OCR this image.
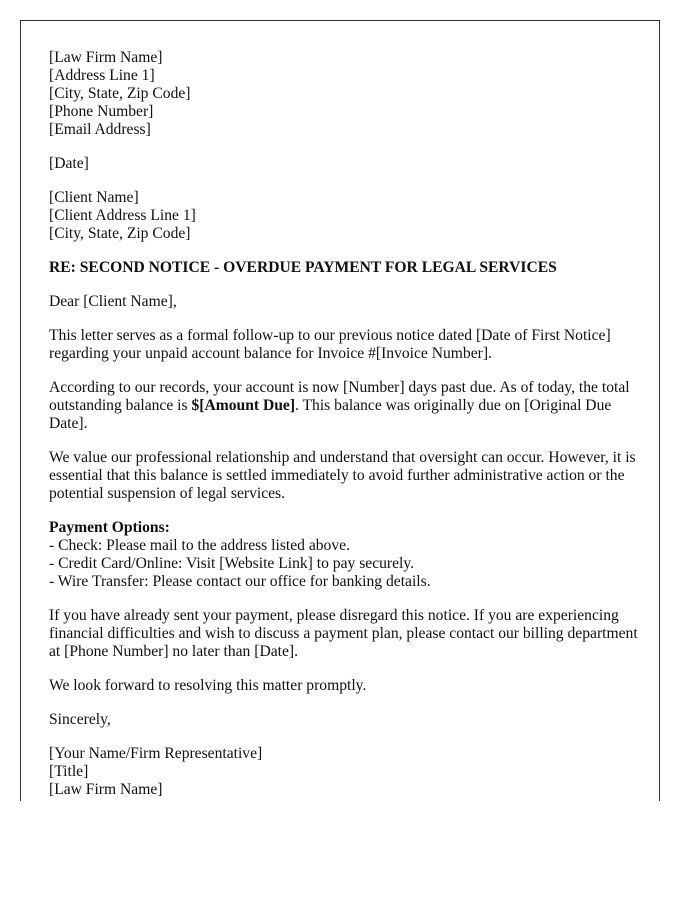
[Law Firm Name]
[Address Line 1]
[City, State, Zip Code]
[Phone Number]
[Email Address]
[Date]
[Client Name]
[Client Address Line 1]
[City, State, Zip Code]
RE: SECOND NOTICE - OVERDUE PAYMENT FOR LEGAL SERVICES

Dear [Client Name],

This letter serves as a formal follow-up to our previous notice dated [Date of First Notice] regarding your unpaid account balance for Invoice #[Invoice Number].

According to our records, your account is now [Number] days past due. As of today, the total outstanding balance is $[Amount Due]. This balance was originally due on [Original Due Date].

We value our professional relationship and understand that oversight can occur. However, it is essential that this balance is settled immediately to avoid further administrative action or the potential suspension of legal services.

Payment Options:
- Check: Please mail to the address listed above.
- Credit Card/Online: Visit [Website Link] to pay securely.
- Wire Transfer: Please contact our office for banking details.

If you have already sent your payment, please disregard this notice. If you are experiencing financial difficulties and wish to discuss a payment plan, please contact our billing department at [Phone Number] no later than [Date].

We look forward to resolving this matter promptly.

Sincerely,

[Your Name/Firm Representative]
[Title]
[Law Firm Name]
